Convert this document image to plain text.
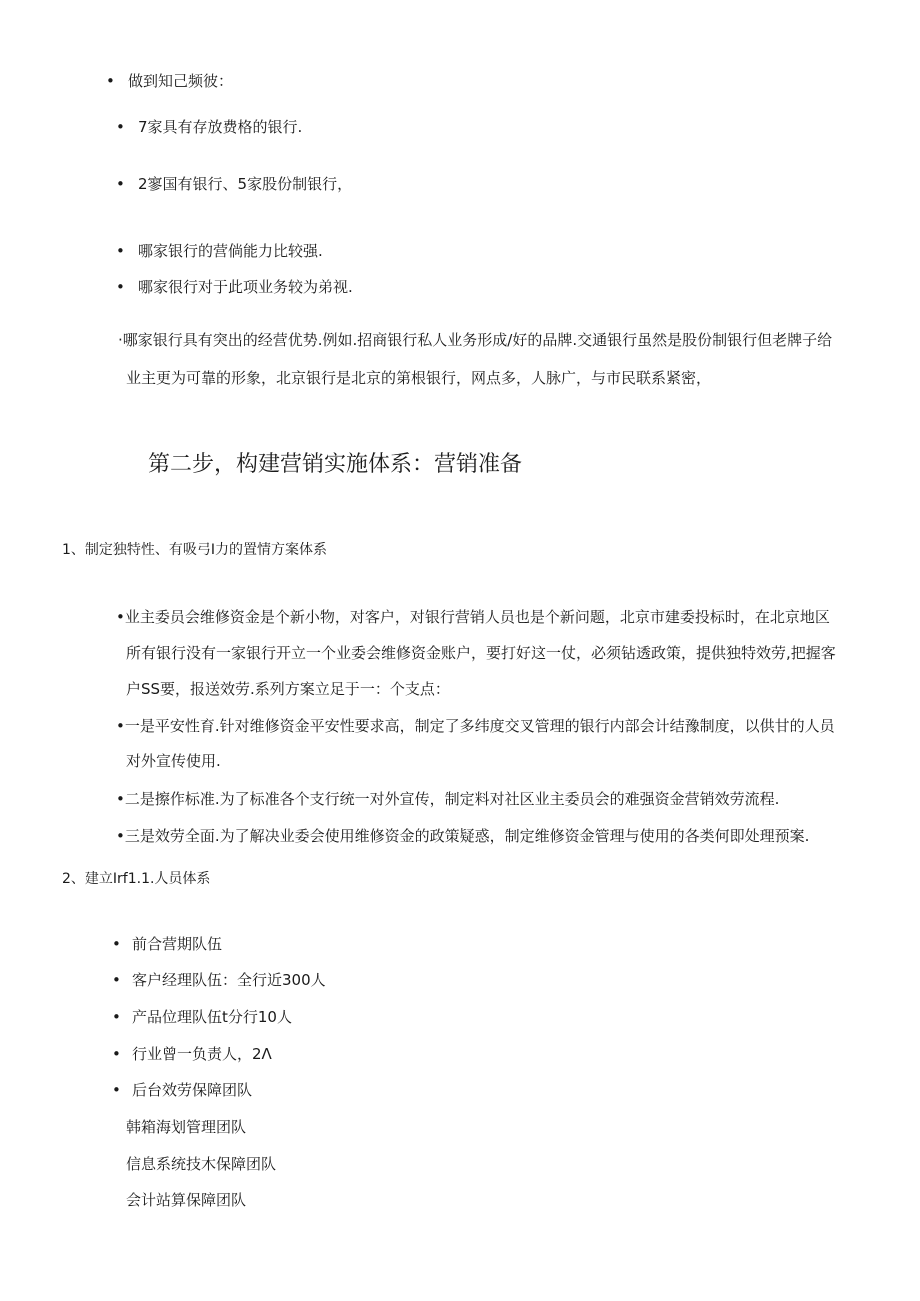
• 做到知己频彼：
• 7家具有存放费格的银行.
• 2寥国有银行、5家股份制银行，
• 哪家银行的营倘能力比较强.
• 哪家很行对于此项业务较为弟视.
·哪家银行具有突出的经营优势.例如.招商银行私人业务形成/好的品牌.交通银行虽然是股份制银行但老牌子给
业主更为可靠的形象，北京银行是北京的第根银行，网点多，人脉广，与市民联系紧密，
第二步，构建营销实施体系：营销准备
1、制定独特性、有吸弓I力的置情方案体系
•业主委员会维修资金是个新小物，对客户，对银行营销人员也是个新问题，北京市建委投标时，在北京地区
所有银行没有一家银行开立一个业委会维修资金账户，要打好这一仗，必须钻透政策，提供独特效劳,把握客
户SS要，报送效劳.系列方案立足于一：个支点：
•一是平安性育.针对维修资金平安性要求高，制定了多纬度交叉管理的银行内部会计结豫制度，以供甘的人员
对外宣传使用.
•二是擦作标准.为了标准各个支行统一对外宣传，制定料对社区业主委员会的难强资金营销效劳流程.
•三是效劳全面.为了解决业委会使用维修资金的政策疑惑，制定维修资金管理与使用的各类何即处理预案.
2、建立Irf1.1.人员体系
• 前合营期队伍
• 客户经理队伍：全行近300人
• 产品位理队伍t分行10人
• 行业曾一负责人，2Λ
• 后台效劳保障团队
韩箱海划管理团队
信息系统技木保障团队
会计站算保障团队
